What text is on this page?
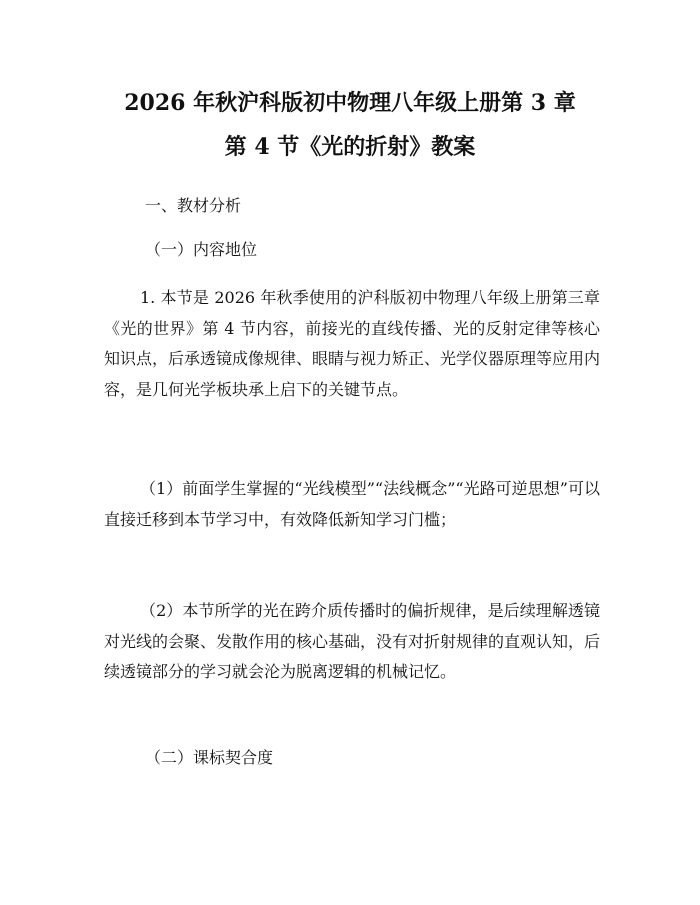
2026 年秋沪科版初中物理八年级上册第 3 章
第 4 节《光的折射》教案
一、教材分析
（一）内容地位
1. 本节是 2026 年秋季使用的沪科版初中物理八年级上册第三章《光的世界》第 4 节内容，前接光的直线传播、光的反射定律等核心知识点，后承透镜成像规律、眼睛与视力矫正、光学仪器原理等应用内容，是几何光学板块承上启下的关键节点。
（1）前面学生掌握的“光线模型”“法线概念”“光路可逆思想”可以直接迁移到本节学习中，有效降低新知学习门槛；
（2）本节所学的光在跨介质传播时的偏折规律，是后续理解透镜对光线的会聚、发散作用的核心基础，没有对折射规律的直观认知，后续透镜部分的学习就会沦为脱离逻辑的机械记忆。
（二）课标契合度
